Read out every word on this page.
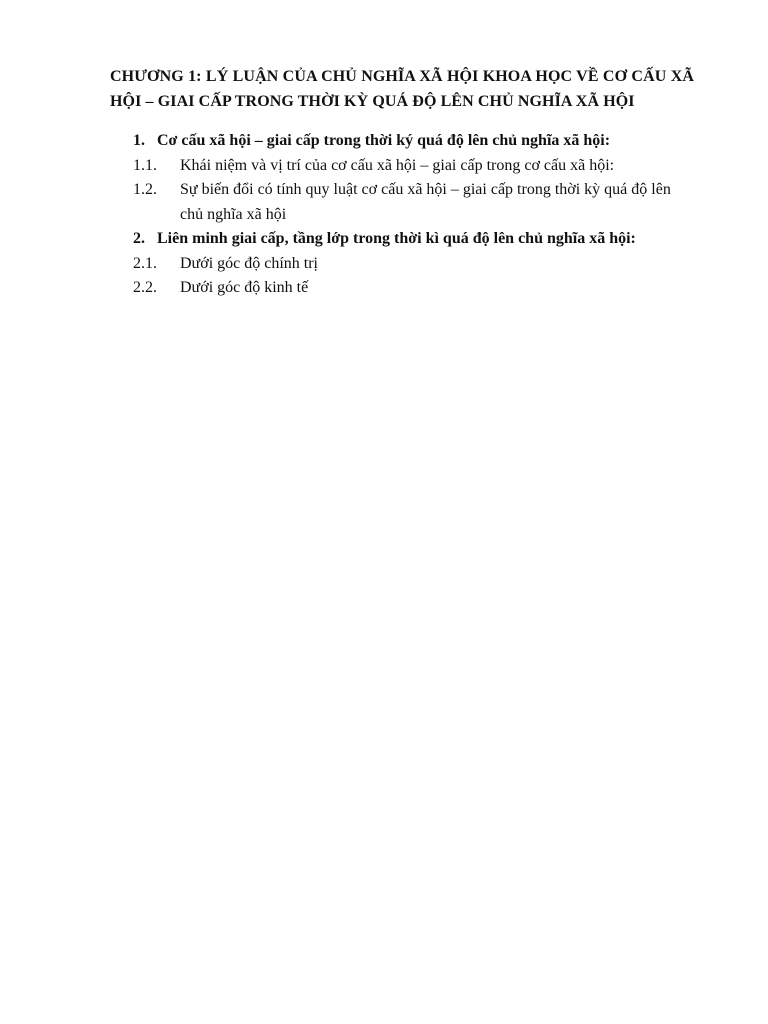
CHƯƠNG 1: LÝ LUẬN CỦA CHỦ NGHĨA XÃ HỘI KHOA HỌC VỀ CƠ CẤU XÃ HỘI – GIAI CẤP TRONG THỜI KỲ QUÁ ĐỘ LÊN CHỦ NGHĨA XÃ HỘI

1. Cơ cấu xã hội – giai cấp trong thời ký quá độ lên chủ nghĩa xã hội:
1.1.	Khái niệm và vị trí của cơ cấu xã hội – giai cấp trong cơ cấu xã hội:
1.2.	Sự biến đổi có tính quy luật cơ cấu xã hội – giai cấp trong thời kỳ quá độ lên chủ nghĩa xã hội
2. Liên minh giai cấp, tầng lớp trong thời kì quá độ lên chủ nghĩa xã hội:
2.1.	Dưới góc độ chính trị
2.2.	Dưới góc độ kinh tế
